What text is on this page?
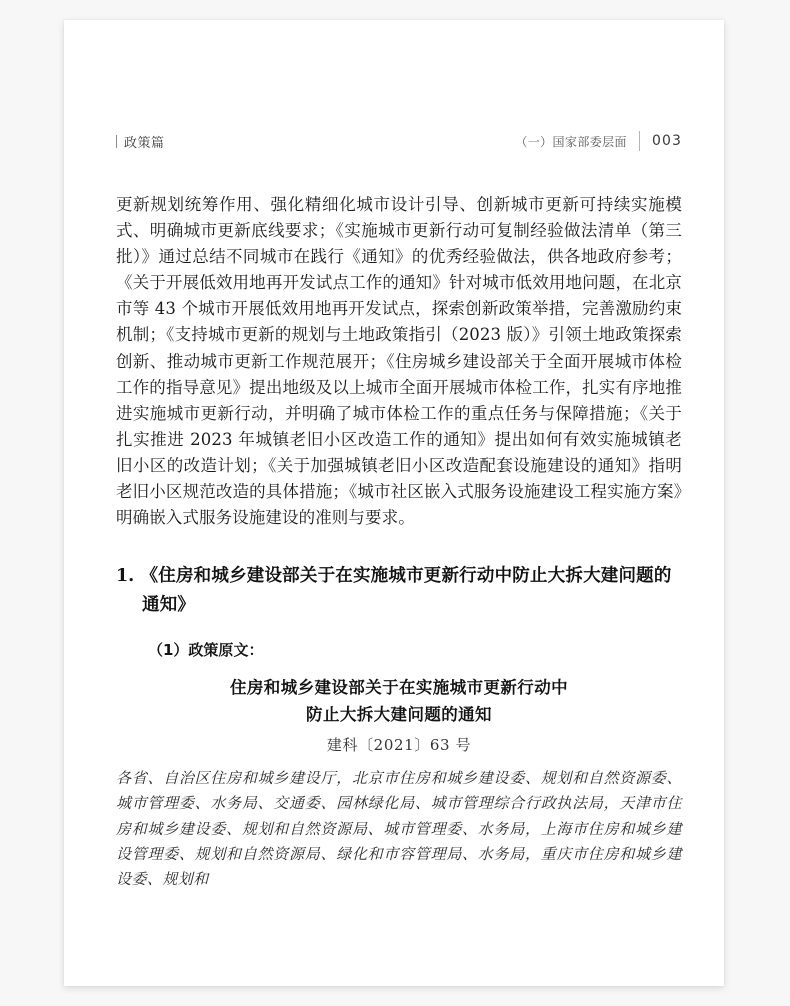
政策篇	（一）国家部委层面 003

更新规划统筹作用、强化精细化城市设计引导、创新城市更新可持续实施模式、明确城市更新底线要求；《实施城市更新行动可复制经验做法清单（第三批）》通过总结不同城市在践行《通知》的优秀经验做法，供各地政府参考；《关于开展低效用地再开发试点工作的通知》针对城市低效用地问题，在北京市等 43 个城市开展低效用地再开发试点，探索创新政策举措，完善激励约束机制；《支持城市更新的规划与土地政策指引（2023 版）》引领土地政策探索创新、推动城市更新工作规范展开；《住房城乡建设部关于全面开展城市体检工作的指导意见》提出地级及以上城市全面开展城市体检工作，扎实有序地推进实施城市更新行动，并明确了城市体检工作的重点任务与保障措施；《关于扎实推进 2023 年城镇老旧小区改造工作的通知》提出如何有效实施城镇老旧小区的改造计划；《关于加强城镇老旧小区改造配套设施建设的通知》指明老旧小区规范改造的具体措施；《城市社区嵌入式服务设施建设工程实施方案》明确嵌入式服务设施建设的准则与要求。

1. 《住房和城乡建设部关于在实施城市更新行动中防止大拆大建问题的通知》
（1）政策原文：
住房和城乡建设部关于在实施城市更新行动中
防止大拆大建问题的通知
建科〔2021〕63 号

各省、自治区住房和城乡建设厅，北京市住房和城乡建设委、规划和自然资源委、城市管理委、水务局、交通委、园林绿化局、城市管理综合行政执法局，天津市住房和城乡建设委、规划和自然资源局、城市管理委、水务局，上海市住房和城乡建设管理委、规划和自然资源局、绿化和市容管理局、水务局，重庆市住房和城乡建设委、规划和
